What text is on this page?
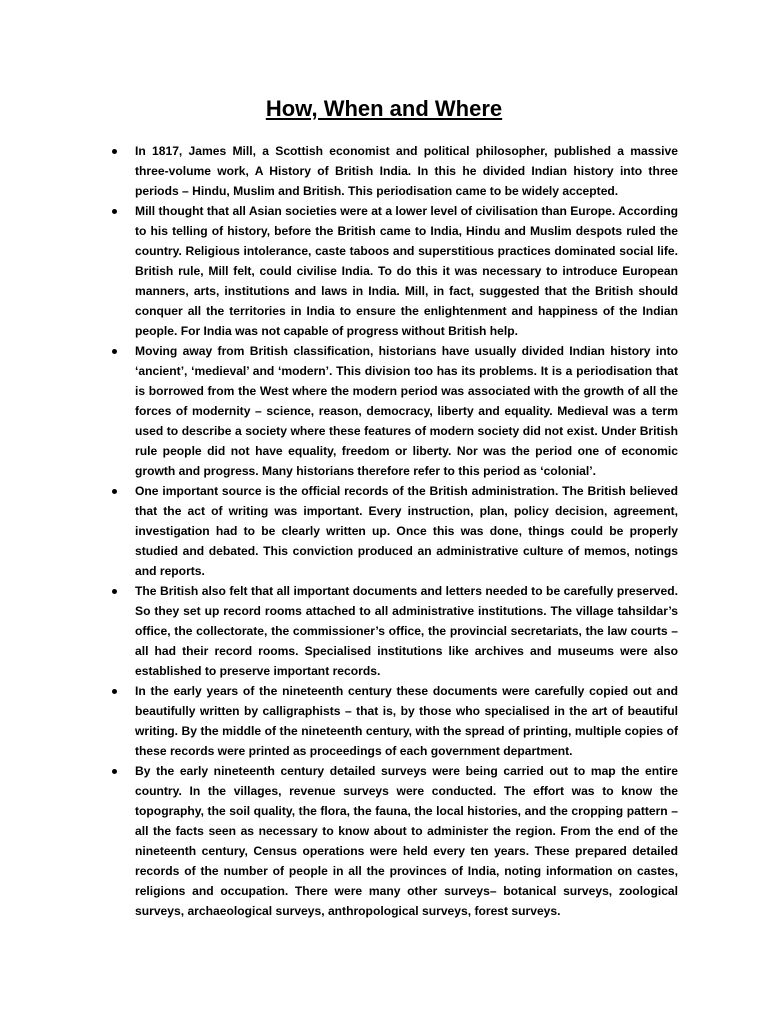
How, When and Where
In 1817, James Mill, a Scottish economist and political philosopher, published a massive three-volume work, A History of British India. In this he divided Indian history into three periods – Hindu, Muslim and British. This periodisation came to be widely accepted.
Mill thought that all Asian societies were at a lower level of civilisation than Europe. According to his telling of history, before the British came to India, Hindu and Muslim despots ruled the country. Religious intolerance, caste taboos and superstitious practices dominated social life. British rule, Mill felt, could civilise India. To do this it was necessary to introduce European manners, arts, institutions and laws in India. Mill, in fact, suggested that the British should conquer all the territories in India to ensure the enlightenment and happiness of the Indian people. For India was not capable of progress without British help.
Moving away from British classification, historians have usually divided Indian history into ‘ancient’, ‘medieval’ and ‘modern’. This division too has its problems. It is a periodisation that is borrowed from the West where the modern period was associated with the growth of all the forces of modernity – science, reason, democracy, liberty and equality. Medieval was a term used to describe a society where these features of modern society did not exist. Under British rule people did not have equality, freedom or liberty. Nor was the period one of economic growth and progress. Many historians therefore refer to this period as ‘colonial’.
One important source is the official records of the British administration. The British believed that the act of writing was important. Every instruction, plan, policy decision, agreement, investigation had to be clearly written up. Once this was done, things could be properly studied and debated. This conviction produced an administrative culture of memos, notings and reports.
The British also felt that all important documents and letters needed to be carefully preserved. So they set up record rooms attached to all administrative institutions. The village tahsildar’s office, the collectorate, the commissioner’s office, the provincial secretariats, the law courts – all had their record rooms. Specialised institutions like archives and museums were also established to preserve important records.
In the early years of the nineteenth century these documents were carefully copied out and beautifully written by calligraphists – that is, by those who specialised in the art of beautiful writing. By the middle of the nineteenth century, with the spread of printing, multiple copies of these records were printed as proceedings of each government department.
By the early nineteenth century detailed surveys were being carried out to map the entire country. In the villages, revenue surveys were conducted. The effort was to know the topography, the soil quality, the flora, the fauna, the local histories, and the cropping pattern – all the facts seen as necessary to know about to administer the region. From the end of the nineteenth century, Census operations were held every ten years. These prepared detailed records of the number of people in all the provinces of India, noting information on castes, religions and occupation. There were many other surveys– botanical surveys, zoological surveys, archaeological surveys, anthropological surveys, forest surveys.
